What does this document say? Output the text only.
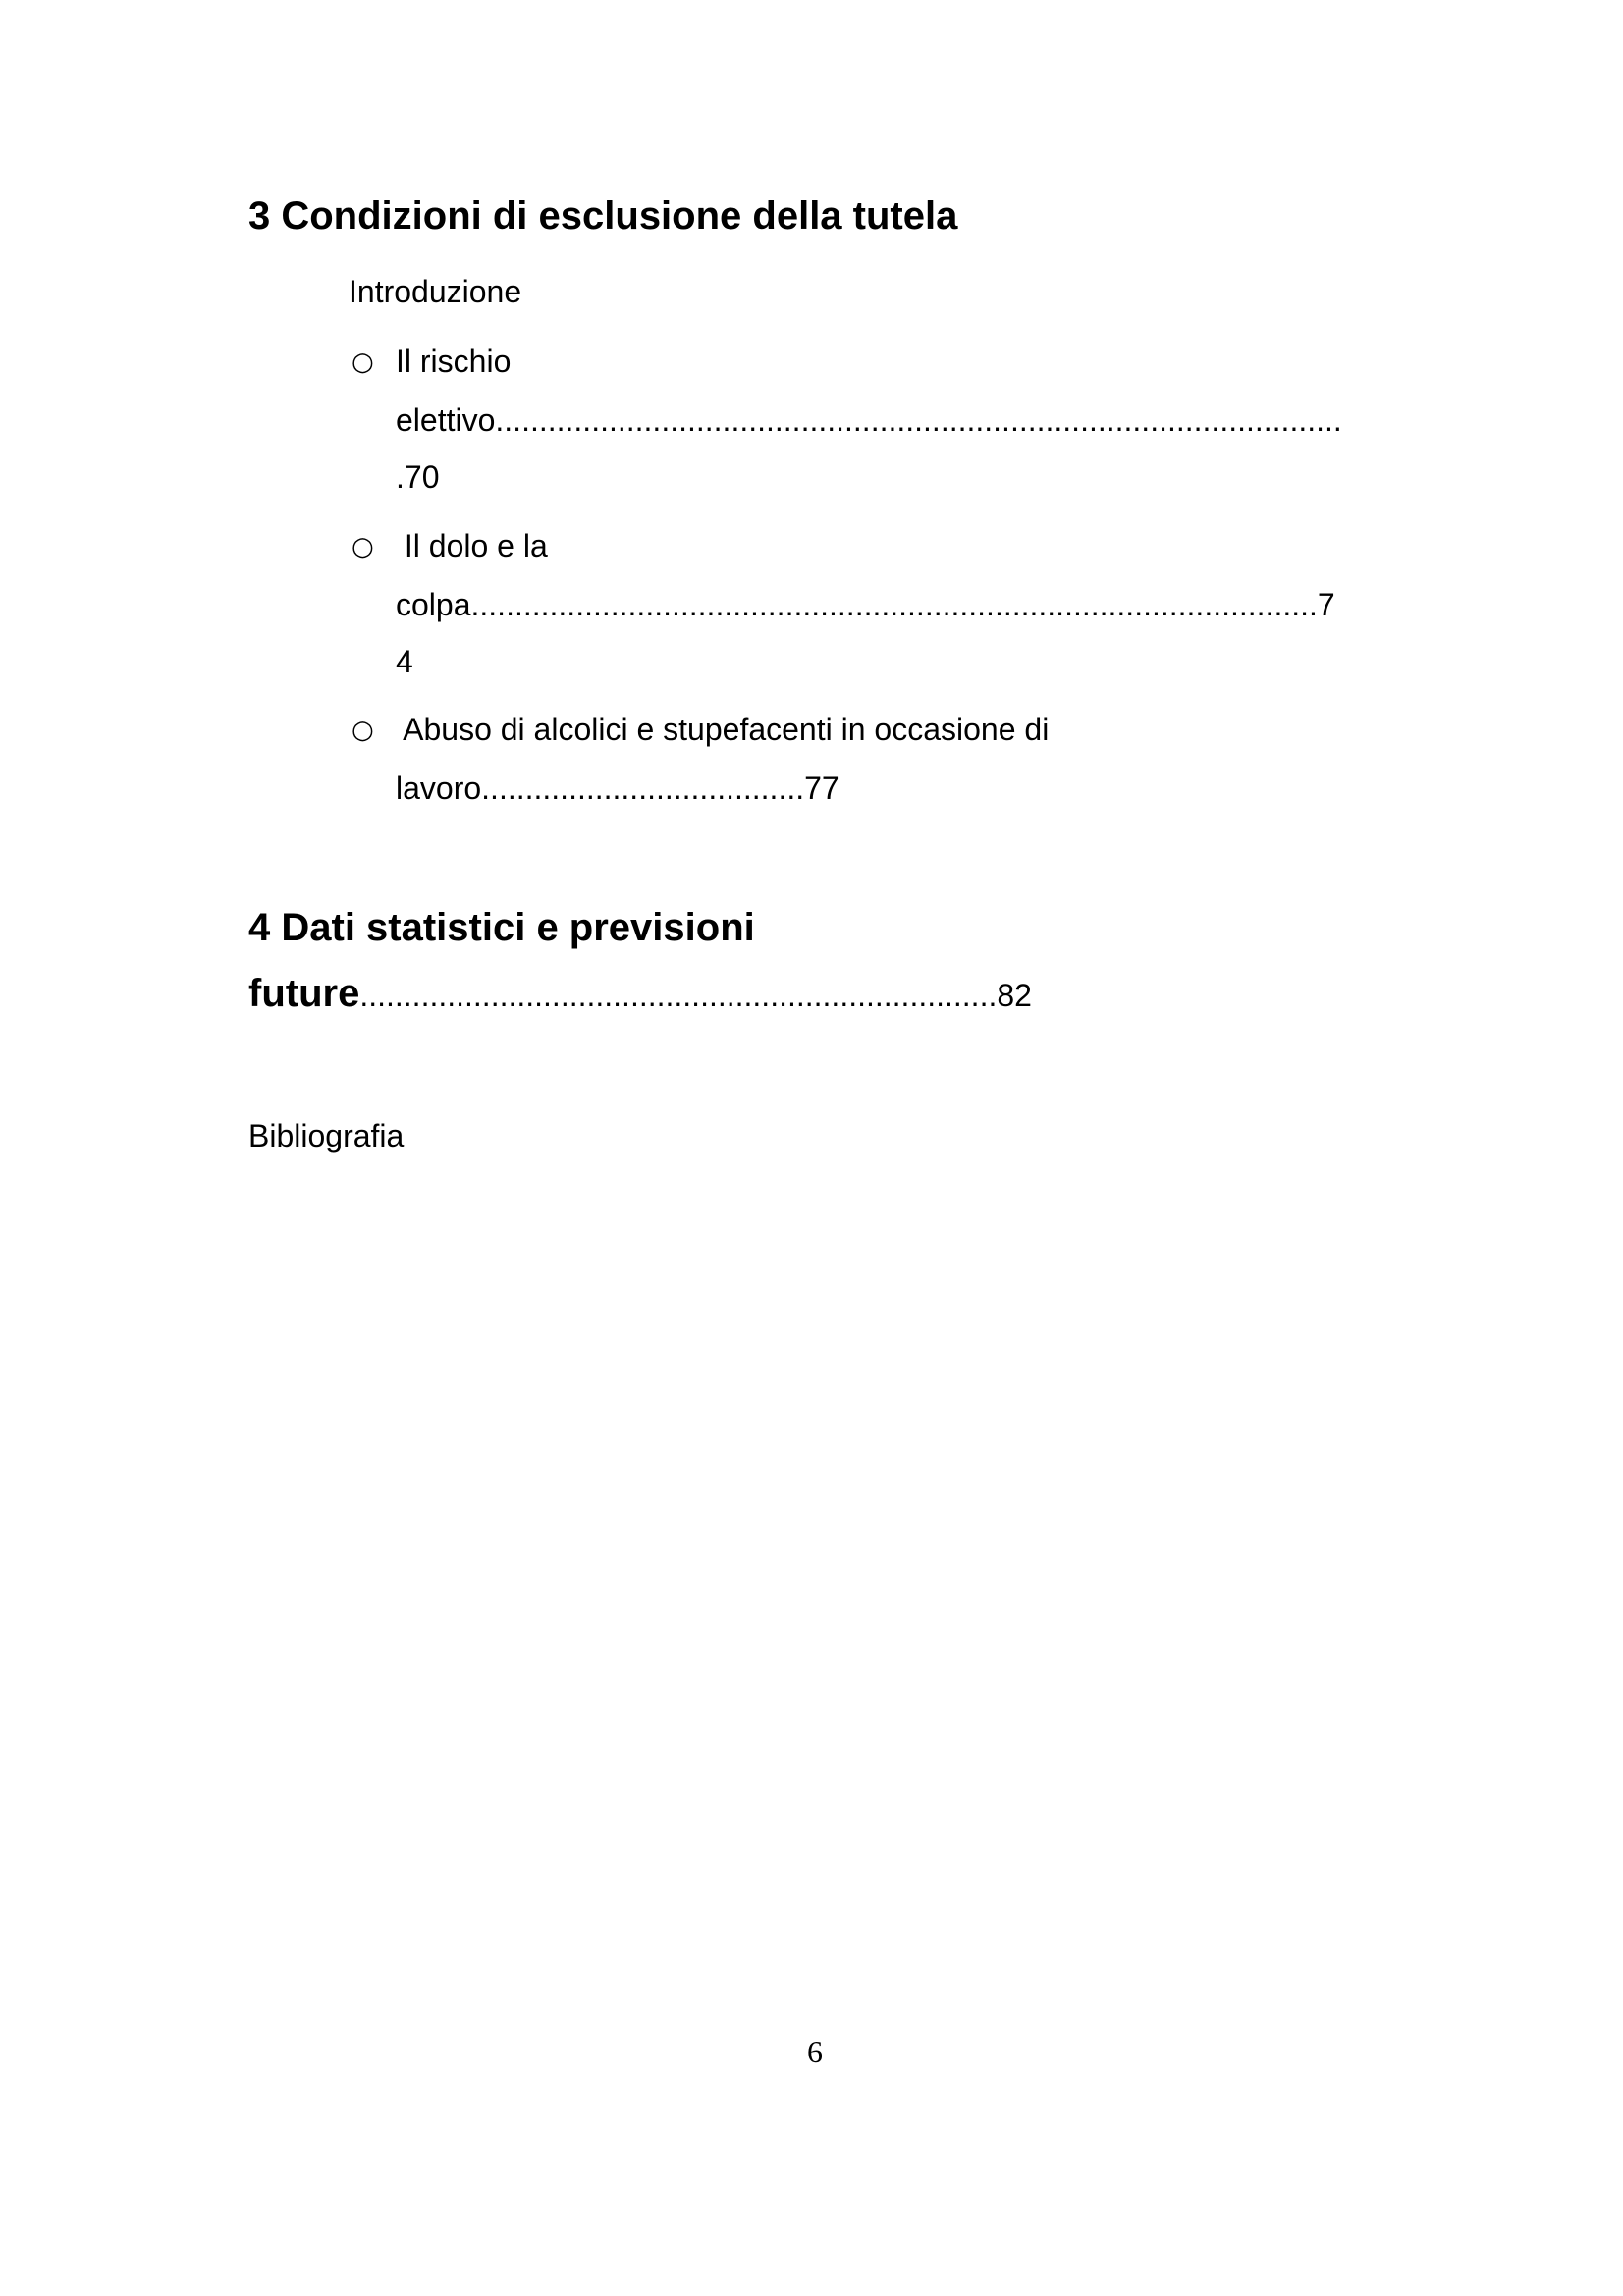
3 Condizioni di esclusione della tutela
Introduzione
○ Il rischio
elettivo.................................................................................................
.70
○ Il dolo e la
colpa.................................................................................................7
4
○ Abuso di alcolici e stupefacenti in occasione di
lavoro.....................................77
4 Dati statistici e previsioni
future.........................................................................82
Bibliografia
6
